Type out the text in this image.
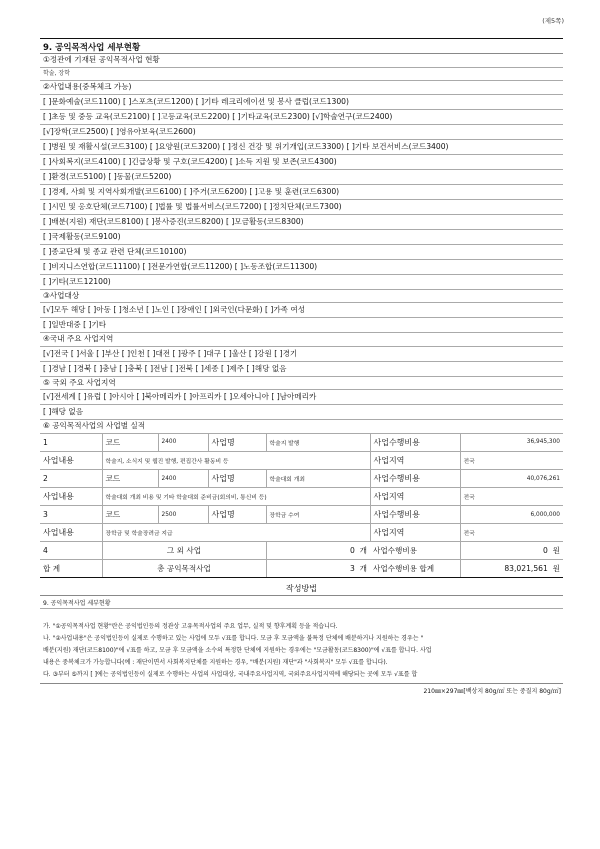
(제5쪽)
9. 공익목적사업 세부현황
①정관에 기재된 공익목적사업 현황
학술, 장학
②사업내용(중복체크 가능)
[ ]문화예술(코드1100) [ ]스포츠(코드1200) [ ]기타 레크리에이션 및 봉사 클럽(코드1300)
[ ]초등 및 중등 교육(코드2100) [ ]고등교육(코드2200) [ ]기타교육(코드2300) [√]학술연구(코드2400)
[√]장학(코드2500) [ ]영유아보육(코드2600)
[ ]병원 및 재활시설(코드3100) [ ]요양원(코드3200) [ ]정신 건강 및 위기개입(코드3300) [ ]기타 보건서비스(코드3400)
[ ]사회복지(코드4100) [ ]긴급상황 및 구호(코드4200) [ ]소득 지원 및 보존(코드4300)
[ ]환경(코드5100) [ ]동물(코드5200)
[ ]경제, 사회 및 지역사회개발(코드6100) [ ]주거(코드6200) [ ]고용 및 훈련(코드6300)
[ ]시민 및 옹호단체(코드7100) [ ]법률 및 법률서비스(코드7200) [ ]정치단체(코드7300)
[ ]배분(지원) 재단(코드8100) [ ]봉사증진(코드8200) [ ]모금활동(코드8300)
[ ]국제활동(코드9100)
[ ]종교단체 및 종교 관련 단체(코드10100)
[ ]비지니스연합(코드11100) [ ]전문가연합(코드11200) [ ]노동조합(코드11300)
[ ]기타(코드12100)
③사업대상
[√]모두 해당 [ ]아동 [ ]청소년 [ ]노인 [ ]장애인 [ ]외국인(다문화) [ ]가족 여성
[ ]일반대중 [ ]기타
④국내 주요 사업지역
[√]전국 [ ]서울 [ ]부산 [ ]인천 [ ]대전 [ ]광주 [ ]대구 [ ]울산 [ ]강원 [ ]경기
[ ]경남 [ ]경북 [ ]충남 [ ]충북 [ ]전남 [ ]전북 [ ]세종 [ ]제주 [ ]해당 없음
⑤ 국외 주요 사업지역
[√]전세계 [ ]유럽 [ ]아시아 [ ]북아메리카 [ ]아프리카 [ ]오세아니아 [ ]남아메리카
[ ]해당 없음
⑥ 공익목적사업의 사업별 실적
1	코드	2400	사업명	학술지 발행	사업수행비용	36,945,300
사업내용	학술지, 소식지 및 웹진 발행, 편집간사 활동비 등				사업지역	전국
2	코드	2400	사업명	학술대회 개최	사업수행비용	40,076,261
사업내용	학술대회 개최 비용 및 기타 학술대회 준비금(회의비, 통신비 등)				사업지역	전국
3	코드	2500	사업명	장학금 수여	사업수행비용	6,000,000
사업내용	장학금 및 학술장려금 지급				사업지역	전국
4	그 외 사업			0 개	사업수행비용	0 원
합 계	총 공익목적사업			3 개	사업수행비용 합계	83,021,561 원
작성방법
9. 공익목적사업 세부현황

가. "①공익목적사업 현황"란은 공익법인등의 정관상 고유목적사업의 주요 업무, 실적 및 향후계획 등을 적습니다.

나. "②사업내용"은 공익법인등이 실제로 수행하고 있는 사업에 모두 √표를 합니다. 모금 후 모금액을 불특정 단체에 배분하거나 지원하는 경우는 "

배분(지원) 재단(코드8100)"에 √표를 하고, 모금 후 모금액을 소수의 특정한 단체에 지원하는 경우에는 "모금활동(코드8300)"에 √표를 합니다. 사업

내용은 중복체크가 가능합니다(예 : 재단이면서 사회복지단체를 지원하는 경우, "배분(지원) 재단"과 "사회복지" 모두 √표를 합니다).

다. ③부터 ⑤까지 [ ]에는 공익법인등이 실제로 수행하는 사업의 사업대상, 국내주요사업지역, 국외주요사업지역에 해당되는 곳에 모두 √표를 합

210㎜×297㎜[백상지 80g/㎡ 또는 중질지 80g/㎡]
